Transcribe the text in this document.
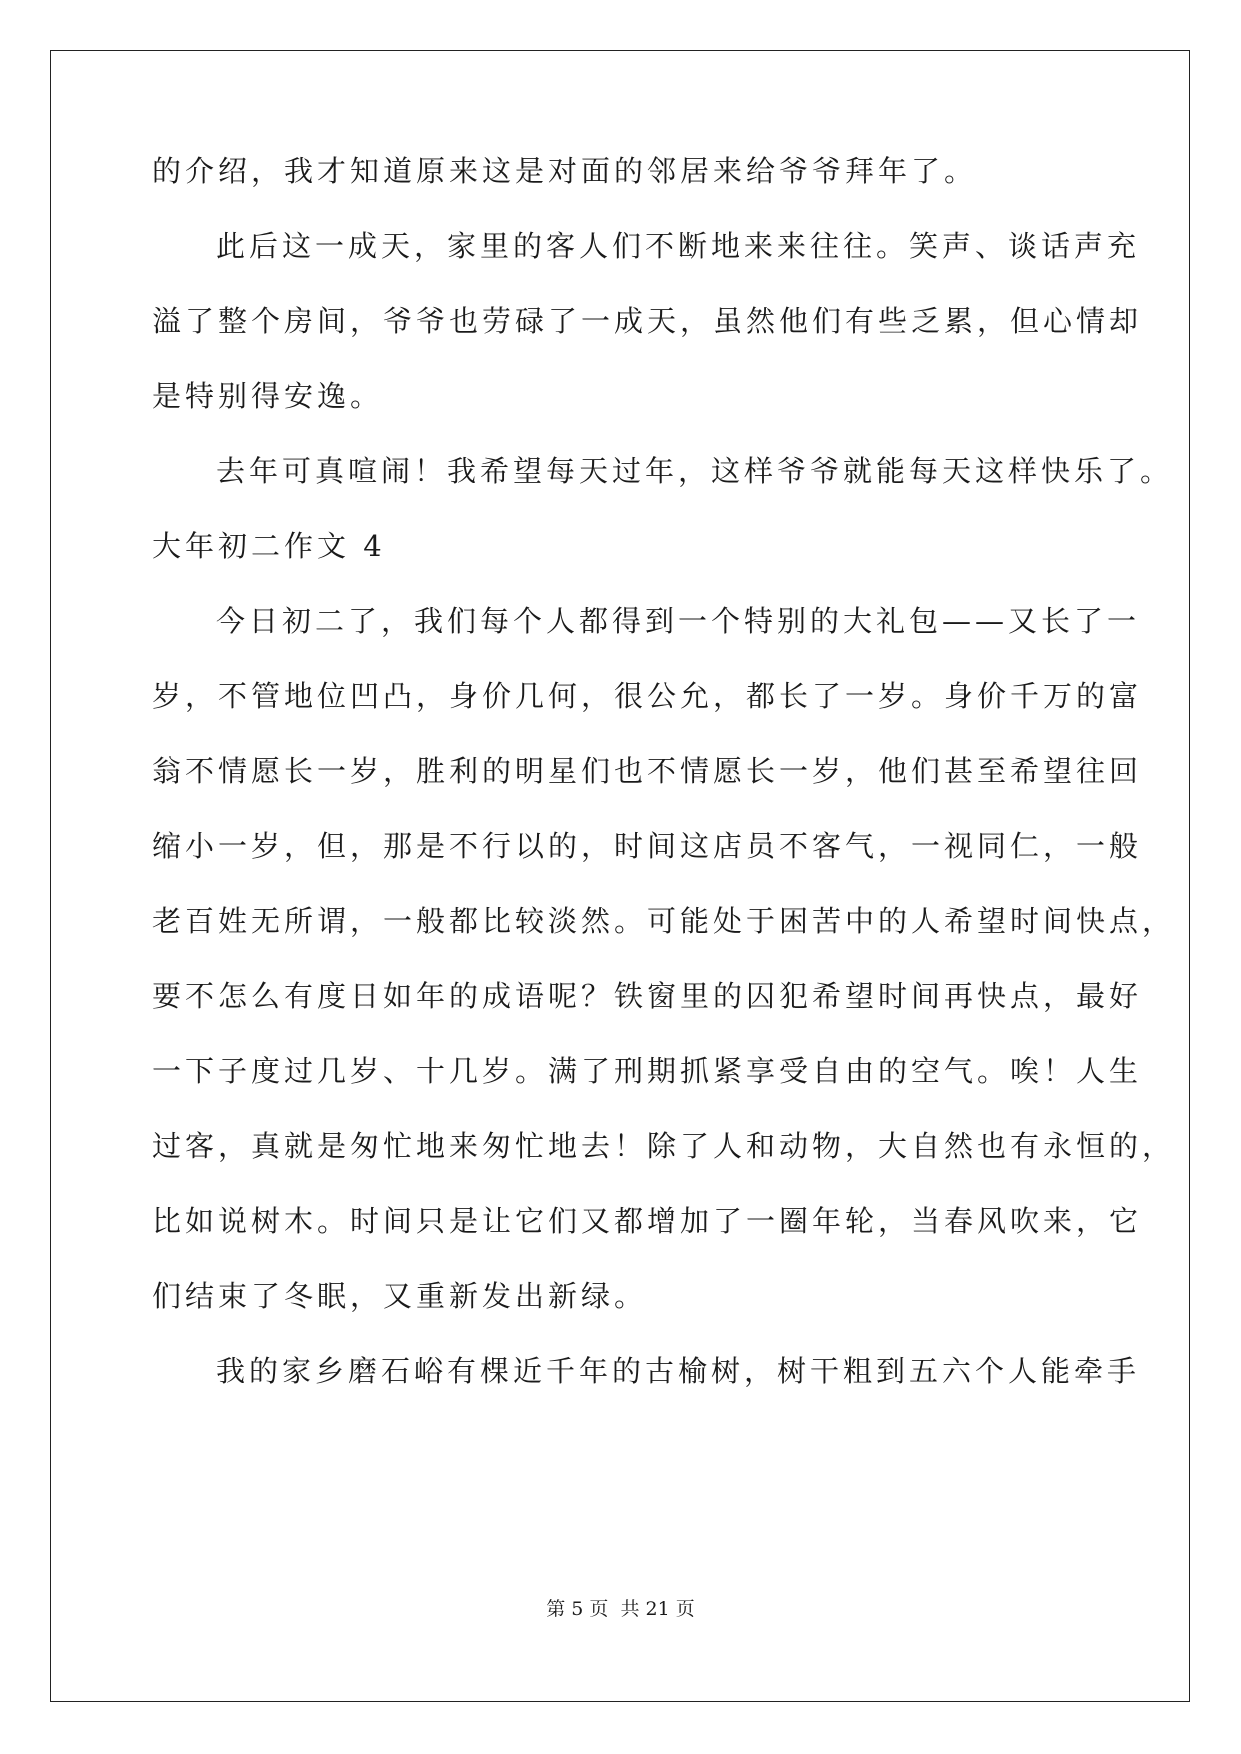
的介绍，我才知道原来这是对面的邻居来给爷爷拜年了。
此后这一成天，家里的客人们不断地来来往往。笑声、谈话声充
溢了整个房间，爷爷也劳碌了一成天，虽然他们有些乏累，但心情却
是特别得安逸。
去年可真喧闹！我希望每天过年，这样爷爷就能每天这样快乐了。
大年初二作文 4
今日初二了，我们每个人都得到一个特别的大礼包——又长了一
岁，不管地位凹凸，身价几何，很公允，都长了一岁。身价千万的富
翁不情愿长一岁，胜利的明星们也不情愿长一岁，他们甚至希望往回
缩小一岁，但，那是不行以的，时间这店员不客气，一视同仁，一般
老百姓无所谓，一般都比较淡然。可能处于困苦中的人希望时间快点，
要不怎么有度日如年的成语呢？铁窗里的囚犯希望时间再快点，最好
一下子度过几岁、十几岁。满了刑期抓紧享受自由的空气。唉！人生
过客，真就是匆忙地来匆忙地去！除了人和动物，大自然也有永恒的，
比如说树木。时间只是让它们又都增加了一圈年轮，当春风吹来，它
们结束了冬眠，又重新发出新绿。
我的家乡磨石峪有棵近千年的古榆树，树干粗到五六个人能牵手
第 5 页 共 21 页
